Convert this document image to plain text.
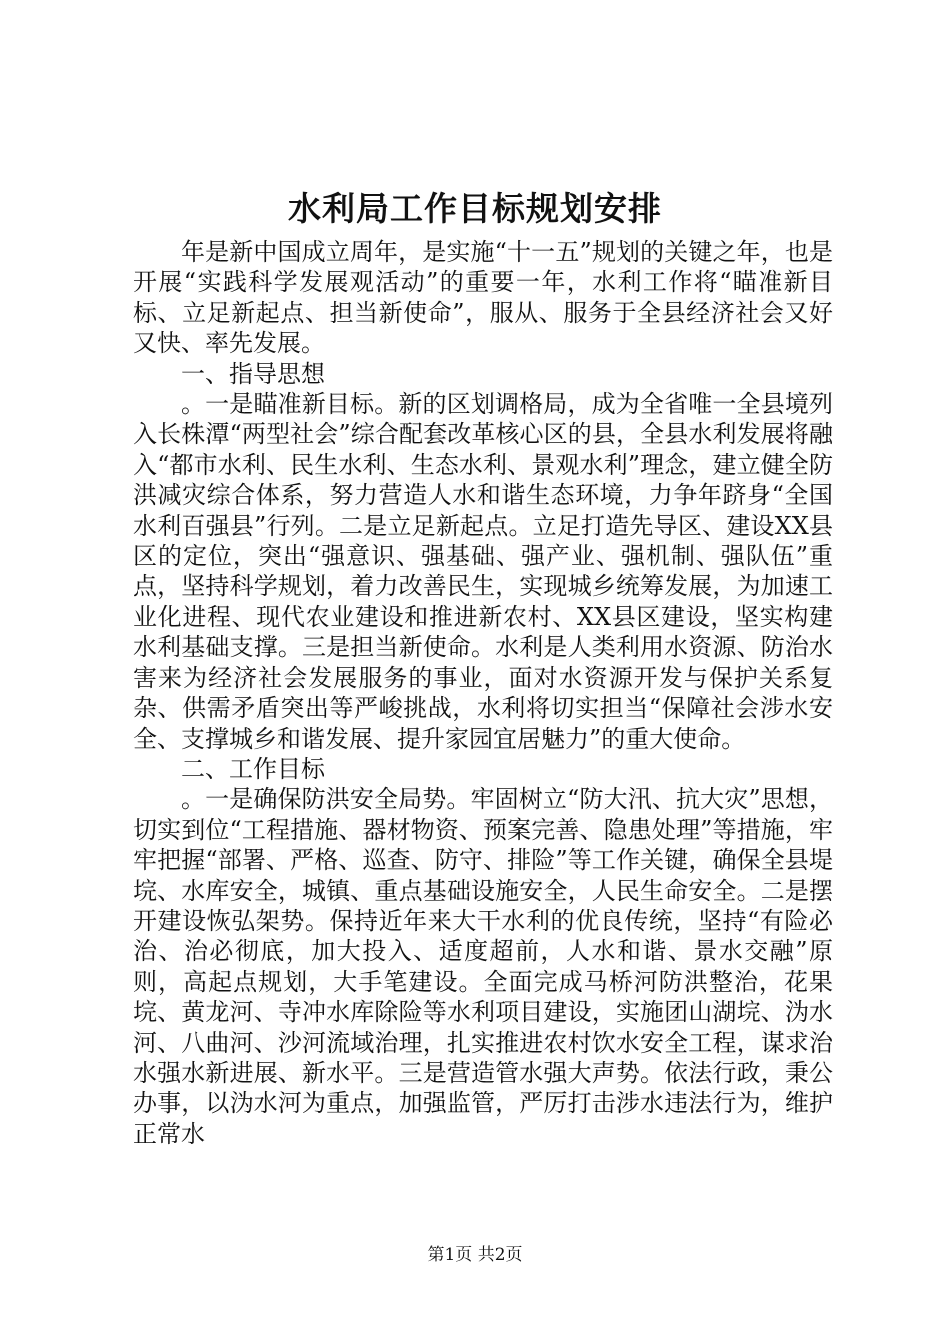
水利局工作目标规划安排

年是新中国成立周年，是实施“十一五”规划的关键之年，也是开展“实践科学发展观活动”的重要一年，水利工作将“瞄准新目标、立足新起点、担当新使命”，服从、服务于全县经济社会又好又快、率先发展。

一、指导思想

。一是瞄准新目标。新的区划调格局，成为全省唯一全县境列入长株潭“两型社会”综合配套改革核心区的县，全县水利发展将融入“都市水利、民生水利、生态水利、景观水利”理念，建立健全防洪减灾综合体系，努力营造人水和谐生态环境，力争年跻身“全国水利百强县”行列。二是立足新起点。立足打造先导区、建设XX县区的定位，突出“强意识、强基础、强产业、强机制、强队伍”重点，坚持科学规划，着力改善民生，实现城乡统筹发展，为加速工业化进程、现代农业建设和推进新农村、XX县区建设，坚实构建水利基础支撑。三是担当新使命。水利是人类利用水资源、防治水害来为经济社会发展服务的事业，面对水资源开发与保护关系复杂、供需矛盾突出等严峻挑战，水利将切实担当“保障社会涉水安全、支撑城乡和谐发展、提升家园宜居魅力”的重大使命。

二、工作目标

。一是确保防洪安全局势。牢固树立“防大汛、抗大灾”思想，切实到位“工程措施、器材物资、预案完善、隐患处理”等措施，牢牢把握“部署、严格、巡查、防守、排险”等工作关键，确保全县堤垸、水库安全，城镇、重点基础设施安全，人民生命安全。二是摆开建设恢弘架势。保持近年来大干水利的优良传统，坚持“有险必治、治必彻底，加大投入、适度超前，人水和谐、景水交融”原则，高起点规划，大手笔建设。全面完成马桥河防洪整治，花果垸、黄龙河、寺冲水库除险等水利项目建设，实施团山湖垸、沩水河、八曲河、沙河流域治理，扎实推进农村饮水安全工程，谋求治水强水新进展、新水平。三是营造管水强大声势。依法行政，秉公办事，以沩水河为重点，加强监管，严厉打击涉水违法行为，维护正常水

第1页 共2页
